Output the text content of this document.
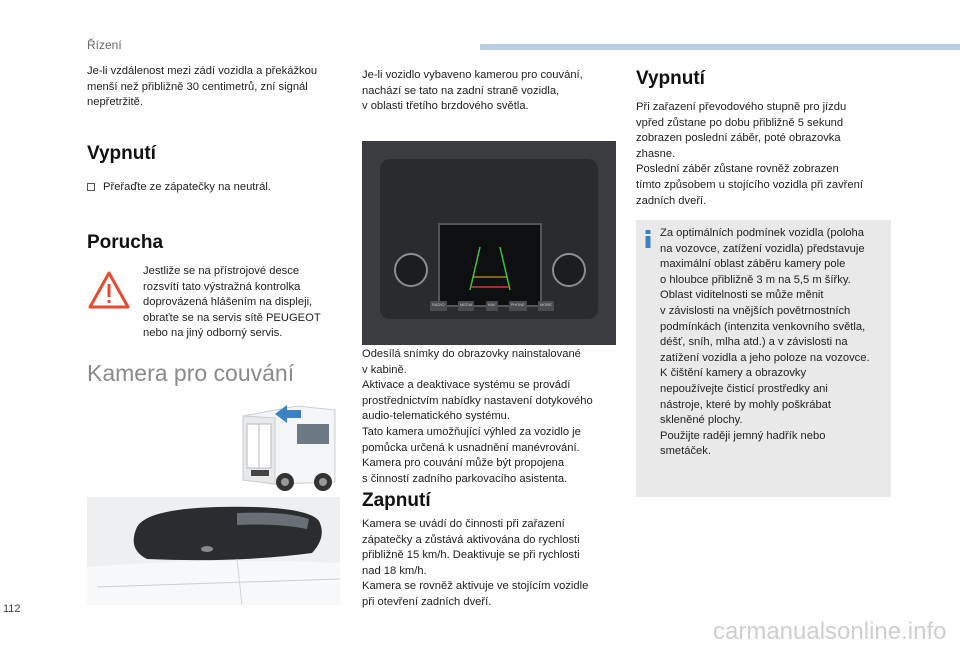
Řízení
Je-li vzdálenost mezi zádí vozidla a překážkou
menší než přibližně 30 centimetrů, zní signál
nepřetržitě.
Vypnutí
Přeřaďte ze zápatečky na neutrál.
Porucha
Jestliže se na přístrojové desce
rozsvítí tato výstražná kontrolka
doprovázená hlášením na displeji,
obraťte se na servis sítě PEUGEOT
nebo na jiný odborný servis.
Kamera pro couvání
Je-li vozidlo vybaveno kamerou pro couvání,
nachází se tato na zadní straně vozidla,
v oblasti třetího brzdového světla.
RADIO	MEDIA	NAV	PHONE	MORE
Odesílá snímky do obrazovky nainstalované
v kabině.
Aktivace a deaktivace systému se provádí
prostřednictvím nabídky nastavení dotykového
audio-telematického systému.
Tato kamera umožňující výhled za vozidlo je
pomůcka určená k usnadnění manévrování.
Kamera pro couvání může být propojena
s činností zadního parkovacího asistenta.
Zapnutí
Kamera se uvádí do činnosti při zařazení
zápatečky a zůstává aktivována do rychlosti
přibližně 15 km/h. Deaktivuje se při rychlosti
nad 18 km/h.
Kamera se rovněž aktivuje ve stojícím vozidle
při otevření zadních dveří.
Vypnutí
Při zařazení převodového stupně pro jízdu
vpřed zůstane po dobu přibližně 5 sekund
zobrazen poslední záběr, poté obrazovka
zhasne.
Poslední záběr zůstane rovněž zobrazen
tímto způsobem u stojícího vozidla při zavření
zadních dveří.
Za optimálních podmínek vozidla (poloha
na vozovce, zatížení vozidla) představuje
maximální oblast záběru kamery pole
o hloubce přibližně 3 m na 5,5 m šířky.
Oblast viditelnosti se může měnit
v závislosti na vnějších povětrnostních
podmínkách (intenzita venkovního světla,
déšť, sníh, mlha atd.) a v závislosti na
zatížení vozidla a jeho poloze na vozovce.
K čištění kamery a obrazovky
nepoužívejte čisticí prostředky ani
nástroje, které by mohly poškrábat
skleněné plochy.
Použijte raději jemný hadřík nebo
smetáček.
112
carmanualsonline.info
